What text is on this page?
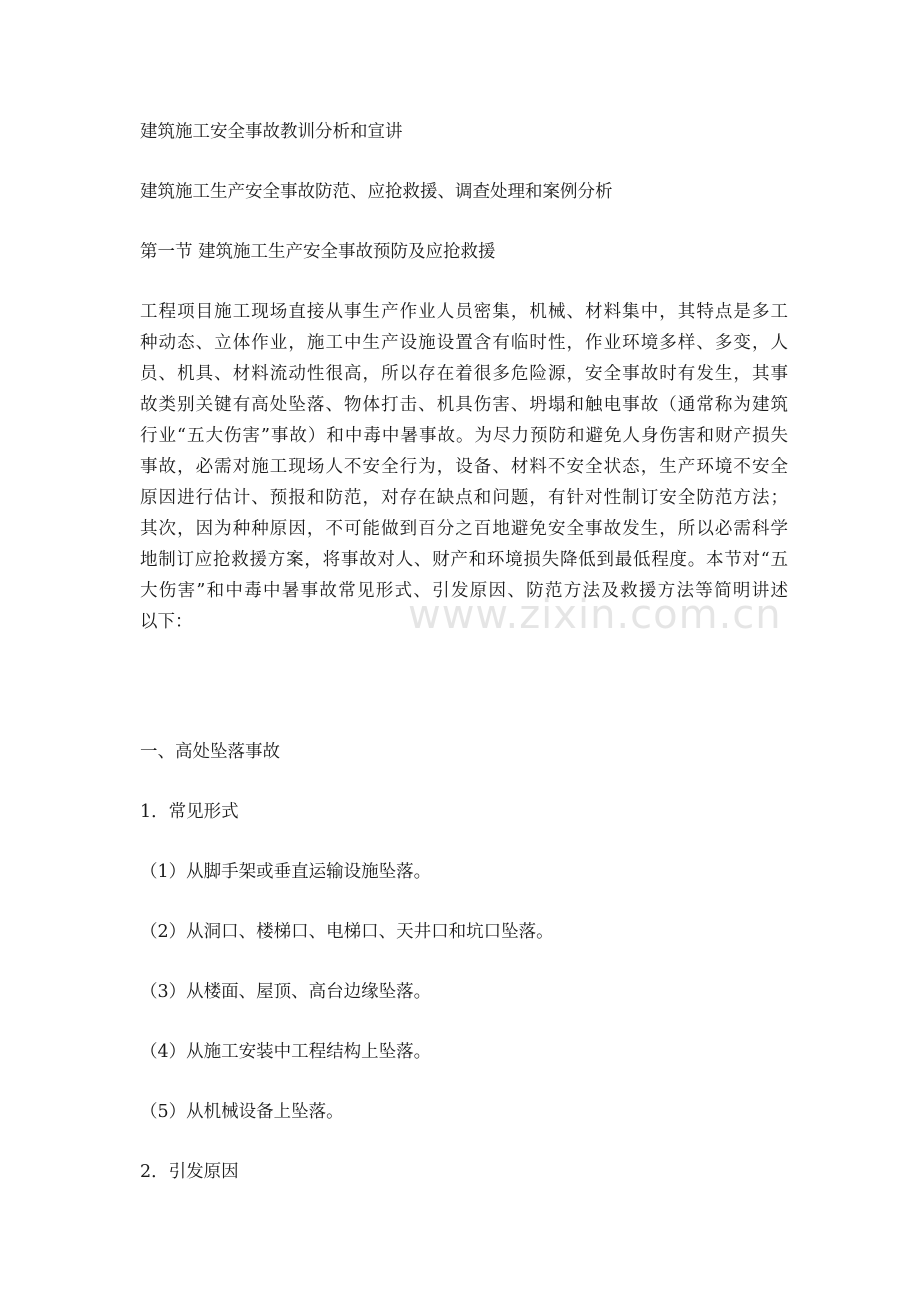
建筑施工安全事故教训分析和宣讲
建筑施工生产安全事故防范、应抢救援、调查处理和案例分析
第一节 建筑施工生产安全事故预防及应抢救援
工程项目施工现场直接从事生产作业人员密集，机械、材料集中，其特点是多工
种动态、立体作业，施工中生产设施设置含有临时性，作业环境多样、多变，人
员、机具、材料流动性很高，所以存在着很多危险源，安全事故时有发生，其事
故类别关键有高处坠落、物体打击、机具伤害、坍塌和触电事故（通常称为建筑
行业“五大伤害”事故）和中毒中暑事故。为尽力预防和避免人身伤害和财产损失
事故，必需对施工现场人不安全行为，设备、材料不安全状态，生产环境不安全
原因进行估计、预报和防范，对存在缺点和问题，有针对性制订安全防范方法；
其次，因为种种原因，不可能做到百分之百地避免安全事故发生，所以必需科学
地制订应抢救援方案，将事故对人、财产和环境损失降低到最低程度。本节对“五
大伤害”和中毒中暑事故常见形式、引发原因、防范方法及救援方法等简明讲述
以下：
一、高处坠落事故
1．常见形式
（1）从脚手架或垂直运输设施坠落。
（2）从洞口、楼梯口、电梯口、天井口和坑口坠落。
（3）从楼面、屋顶、高台边缘坠落。
（4）从施工安装中工程结构上坠落。
（5）从机械设备上坠落。
2．引发原因
www.zixin.com.cn
